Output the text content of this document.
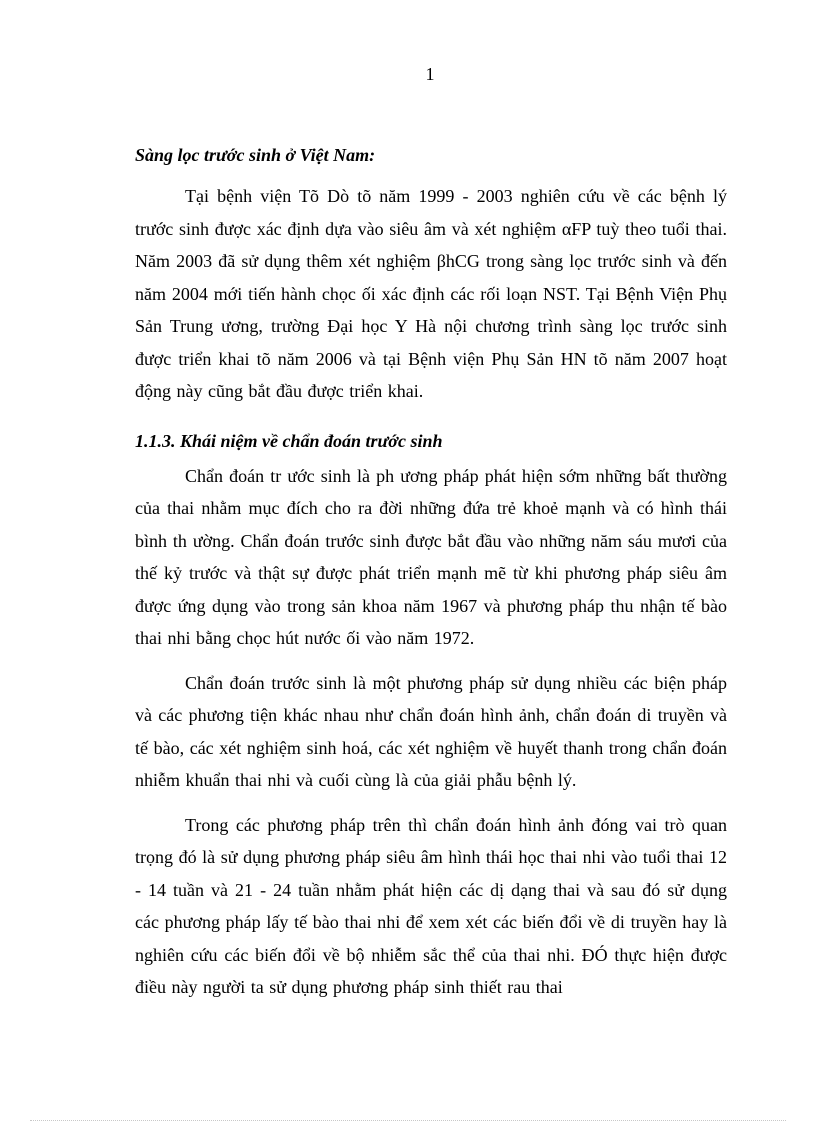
1

Sàng lọc trước sinh ở Việt Nam:

Tại bệnh viện Tõ Dò tõ năm 1999 - 2003 nghiên cứu về các bệnh lý trước sinh được xác định dựa vào siêu âm và xét nghiệm αFP tuỳ theo tuổi thai. Năm 2003 đã sử dụng thêm xét nghiệm βhCG trong sàng lọc trước sinh và đến năm 2004 mới tiến hành chọc ối xác định các rối loạn NST. Tại Bệnh Viện Phụ Sản Trung ương, trường Đại học Y Hà nội chương trình sàng lọc trước sinh được triển khai tõ năm 2006 và tại Bệnh viện Phụ Sản HN tõ năm 2007 hoạt động này cũng bắt đầu được triển khai.

1.1.3. Khái niệm về chẩn đoán trước sinh

Chẩn đoán tr ước sinh là ph ương pháp phát hiện sớm những bất thường của thai nhằm mục đích cho ra đời những đứa trẻ khoẻ mạnh và có hình thái bình th ường. Chẩn đoán trước sinh được bắt đầu vào những năm sáu mươi của thế kỷ trước và thật sự được phát triển mạnh mẽ từ khi phương pháp siêu âm được ứng dụng vào trong sản khoa năm 1967 và phương pháp thu nhận tế bào thai nhi bằng chọc hút nước ối vào năm 1972.

Chẩn đoán trước sinh là một phương pháp sử dụng nhiều các biện pháp và các phương tiện khác nhau như chẩn đoán hình ảnh, chẩn đoán di truyền và tế bào, các xét nghiệm sinh hoá, các xét nghiệm về huyết thanh trong chẩn đoán nhiễm khuẩn thai nhi và cuối cùng là của giải phẫu bệnh lý.

Trong các phương pháp trên thì chẩn đoán hình ảnh đóng vai trò quan trọng đó là sử dụng phương pháp siêu âm hình thái học thai nhi vào tuổi thai 12 - 14 tuần và 21 - 24 tuần nhằm phát hiện các dị dạng thai và sau đó sử dụng các phương pháp lấy tế bào thai nhi để xem xét các biến đổi về di truyền hay là nghiên cứu các biến đổi về bộ nhiễm sắc thể của thai nhi. ĐÓ thực hiện được điều này người ta sử dụng phương pháp sinh thiết rau thai
